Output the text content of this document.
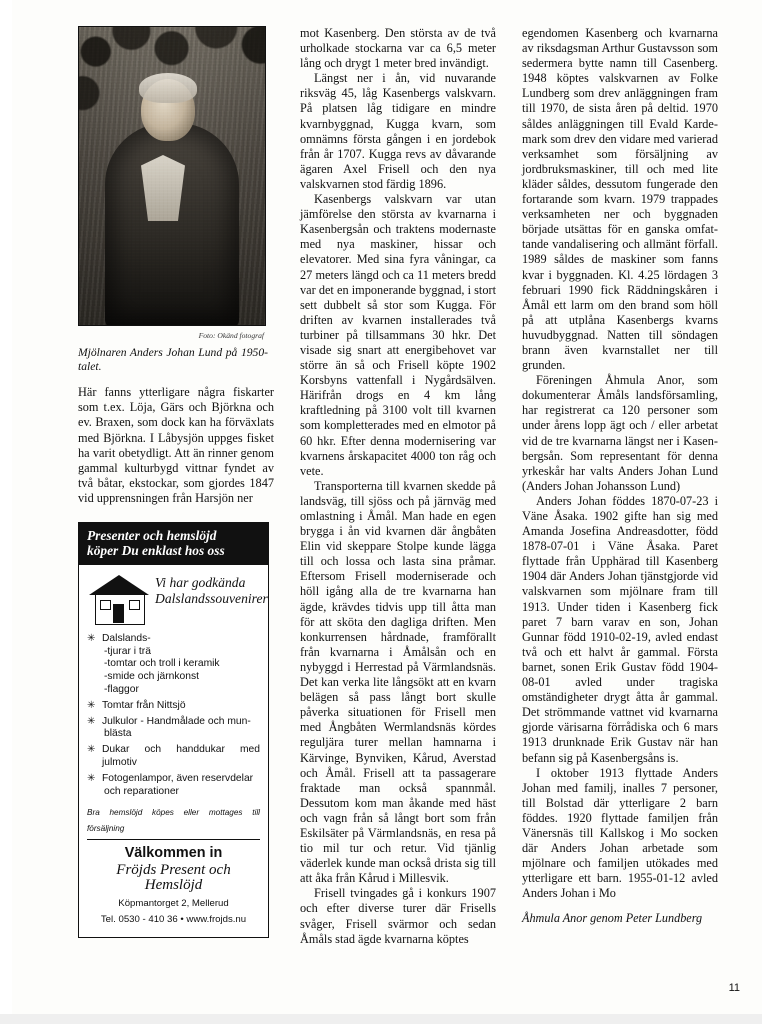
Foto: Okänd fotograf
Mjölnaren Anders Johan Lund på 1950-talet.

Här fanns ytterligare några fiskarter som t.ex. Löja, Gärs och Björkna och ev. Braxen, som dock kan ha förväxlats med Björkna. I Låbysjön uppges fisket ha varit obetydligt. Att än rinner genom gammal kulturbygd vittnar fyndet av två båtar, ekstockar, som gjordes 1847 vid upprensningen från Harsjön ner

Presenter och hemslöjd
köper Du enklast hos oss
Vi har godkända
Dalslandssouvenirer
✳ Dalslands-
-tjurar i trä
-tomtar och troll i keramik
-smide och järnkonst
-flaggor
✳ Tomtar från Nittsjö
✳ Julkulor - Handmålade och mun-
blästa
✳ Dukar och handdukar med julmotiv
✳ Fotogenlampor, även reservdelar
och reparationer
Bra hemslöjd köpes eller mottages till försäljning
Välkommen in
Fröjds Present och Hemslöjd
Köpmantorget 2, Mellerud
Tel. 0530 - 410 36 • www.frojds.nu

mot Kasenberg. Den största av de två urholkade stockarna var ca 6,5 meter lång och drygt 1 meter bred invändigt.

Längst ner i ån, vid nuvarande riksväg 45, låg Kasenbergs valskvarn. På platsen låg tidigare en mindre kvarnbyggnad, Kugga kvarn, som omnämns första gången i en jordebok från år 1707. Kugga revs av dåvarande ägaren Axel Frisell och den nya valskvarnen stod färdig 1896.

Kasenbergs valskvarn var utan jämförelse den största av kvarnarna i Kasenbergsån och traktens modernaste med nya maskiner, hissar och elevatorer. Med sina fyra våningar, ca 27 meters längd och ca 11 meters bredd var det en imponerande byggnad, i stort sett dubbelt så stor som Kugga. För driften av kvarnen installerades två turbiner på tillsammans 30 hkr. Det visade sig snart att energibehovet var större än så och Frisell köpte 1902 Korsbyns vattenfall i Nygårdsälven. Härifrån drogs en 4 km lång kraftledning på 3100 volt till kvarnen som kompletterades med en elmotor på 60 hkr. Efter denna modernisering var kvarnens årskapacitet 4000 ton råg och vete.

Transporterna till kvarnen skedde på landsväg, till sjöss och på järnväg med omlastning i Åmål. Man hade en egen brygga i ån vid kvarnen där ångbåten Elin vid skeppare Stolpe kunde lägga till och lossa och lasta sina pråmar. Eftersom Frisell moderniserade och höll igång alla de tre kvarnarna han ägde, krävdes tidvis upp till åtta man för att sköta den dagliga driften. Men konkurrensen hårdnade, framförallt från kvarnarna i Åmålsån och en nybyggd i Herrestad på Värmlandsnäs. Det kan verka lite långsökt att en kvarn belägen så pass långt bort skulle påverka situationen för Frisell men med Ångbåten Wermlandsnäs kördes reguljära turer mellan hamnarna i Kärvinge, Bynviken, Kårud, Averstad och Åmål. Frisell att ta passagerare fraktade man också spannmål. Dessutom kom man åkande med häst och vagn från så långt bort som från Eskilsäter på Värmlandsnäs, en resa på tio mil tur och retur. Vid tjänlig väderlek kunde man också drista sig till att åka från Kårud i Millesvik.

Frisell tvingades gå i konkurs 1907 och efter diverse turer där Frisells svåger, Frisell svärmor och sedan Åmåls stad ägde kvarnarna köptes

egendomen Kasenberg och kvarnarna av riksdagsman Arthur Gustavsson som sedermera bytte namn till Casenberg. 1948 köptes valskvarnen av Folke Lundberg som drev anläggningen fram till 1970, de sista åren på deltid. 1970 såldes anläggningen till Evald Kardemark som drev den vidare med varierad verksamhet som försäljning av jordbruksmaskiner, till och med lite kläder såldes, dessutom fungerade den fortarande som kvarn. 1979 trappades verksamheten ner och byggnaden började utsättas för en ganska omfattande vandalisering och allmänt förfall. 1989 såldes de maskiner som fanns kvar i byggnaden. Kl. 4.25 lördagen 3 februari 1990 fick Räddningskåren i Åmål ett larm om den brand som höll på att utplåna Kasenbergs kvarns huvudbyggnad. Natten till söndagen brann även kvarnstallet ner till grunden.

Föreningen Åhmula Anor, som dokumenterar Åmåls landsförsamling, har registrerat ca 120 personer som under årens lopp ägt och / eller arbetat vid de tre kvarnarna längst ner i Kasenbergsån. Som representant för denna yrkeskår har valts Anders Johan Lund (Anders Johan Johansson Lund)

Anders Johan föddes 1870-07-23 i Väne Åsaka. 1902 gifte han sig med Amanda Josefina Andreasdotter, född 1878-07-01 i Väne Åsaka. Paret flyttade från Upphärad till Kasenberg 1904 där Anders Johan tjänstgjorde vid valskvarnen som mjölnare fram till 1913. Under tiden i Kasenberg fick paret 7 barn varav en son, Johan Gunnar född 1910-02-19, avled endast två och ett halvt år gammal. Första barnet, sonen Erik Gustav född 1904-08-01 avled under tragiska omständigheter drygt åtta år gammal. Det strömmande vattnet vid kvarnarna gjorde värisarna förrådiska och 6 mars 1913 drunknade Erik Gustav när han befann sig på Kasenbergsåns is.

I oktober 1913 flyttade Anders Johan med familj, inalles 7 personer, till Bolstad där ytterligare 2 barn föddes. 1920 flyttade familjen från Vänersnäs till Kallskog i Mo socken där Anders Johan arbetade som mjölnare och familjen utökades med ytterligare ett barn. 1955-01-12 avled Anders Johan i Mo

Åhmula Anor genom Peter Lundberg
11
